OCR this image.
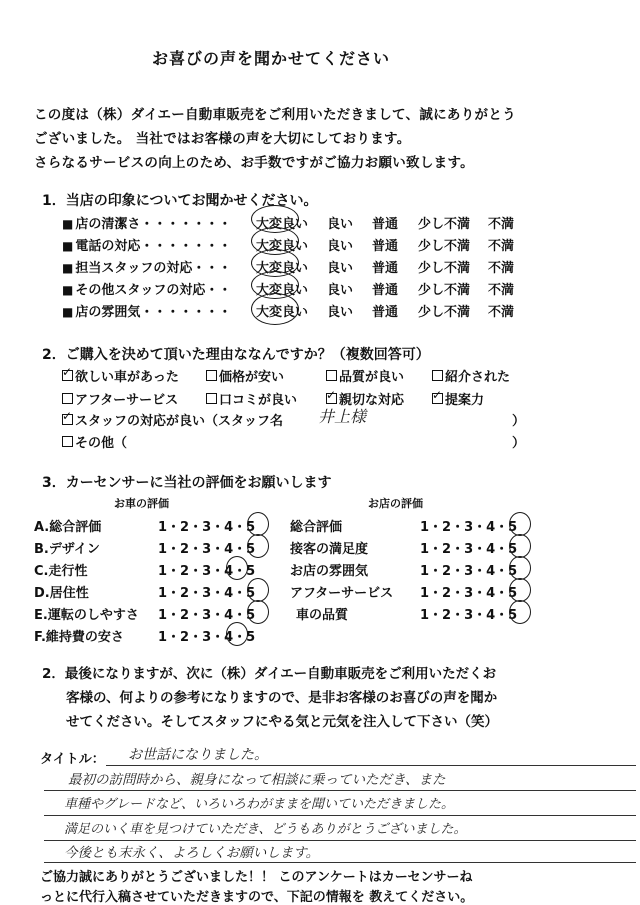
お喜びの声を聞かせてください
この度は（株）ダイエー自動車販売をご利用いただきまして、誠にありがとう
ございました。 当社ではお客様の声を大切にしております。
さらなるサービスの向上のため、お手数ですがご協力お願い致します。
1．当店の印象についてお聞かせください。
■ 店の清潔さ・・・・・・・ 大変良い 良い 普通 少し不満 不満
■ 電話の対応・・・・・・・ 大変良い 良い 普通 少し不満 不満
■ 担当スタッフの対応・・・ 大変良い 良い 普通 少し不満 不満
■ その他スタッフの対応・・ 大変良い 良い 普通 少し不満 不満
■ 店の雰囲気・・・・・・・ 大変良い 良い 普通 少し不満 不満
2．ご購入を決めて頂いた理由ななんですか？（複数回答可）
✓欲しい車があった	価格が安い	品質が良い	紹介された
アフターサービス	口コミが良い ✓	親切な対応 ✓	提案力
✓スタッフの対応が良い（スタッフ名 井上様	）
その他（	）
3．カーセンサーに当社の評価をお願いします
お車の評価	お店の評価
A.総合評価	1・2・3・4・5
B.デザイン	1・2・3・4・5
C.走行性	1・2・3・4・5
D.居住性	1・2・3・4・5
E.運転のしやすさ 1・2・3・4・5
F.維持費の安さ	1・2・3・4・5
総合評価	1・2・3・4・5
接客の満足度	1・2・3・4・5
お店の雰囲気	1・2・3・4・5
アフターサービス 1・2・3・4・5
車の品質	1・2・3・4・5
2．最後になりますが、次に（株）ダイエー自動車販売をご利用いただくお
客様の、何よりの参考になりますので、是非お客様のお喜びの声を聞か
せてください。そしてスタッフにやる気と元気を注入して下さい（笑）
タイトル： お世話になりました。
最初の訪問時から、親身になって相談に乗っていただき、また
車種やグレードなど、いろいろわがままを聞いていただきました。
満足のいく車を見つけていただき、どうもありがとうございました。
今後とも末永く、よろしくお願いします。
ご協力誠にありがとうございました！！ このアンケートはカーセンサーね
っとに代行入稿させていただきますので、下記の情報を 教えてください。
